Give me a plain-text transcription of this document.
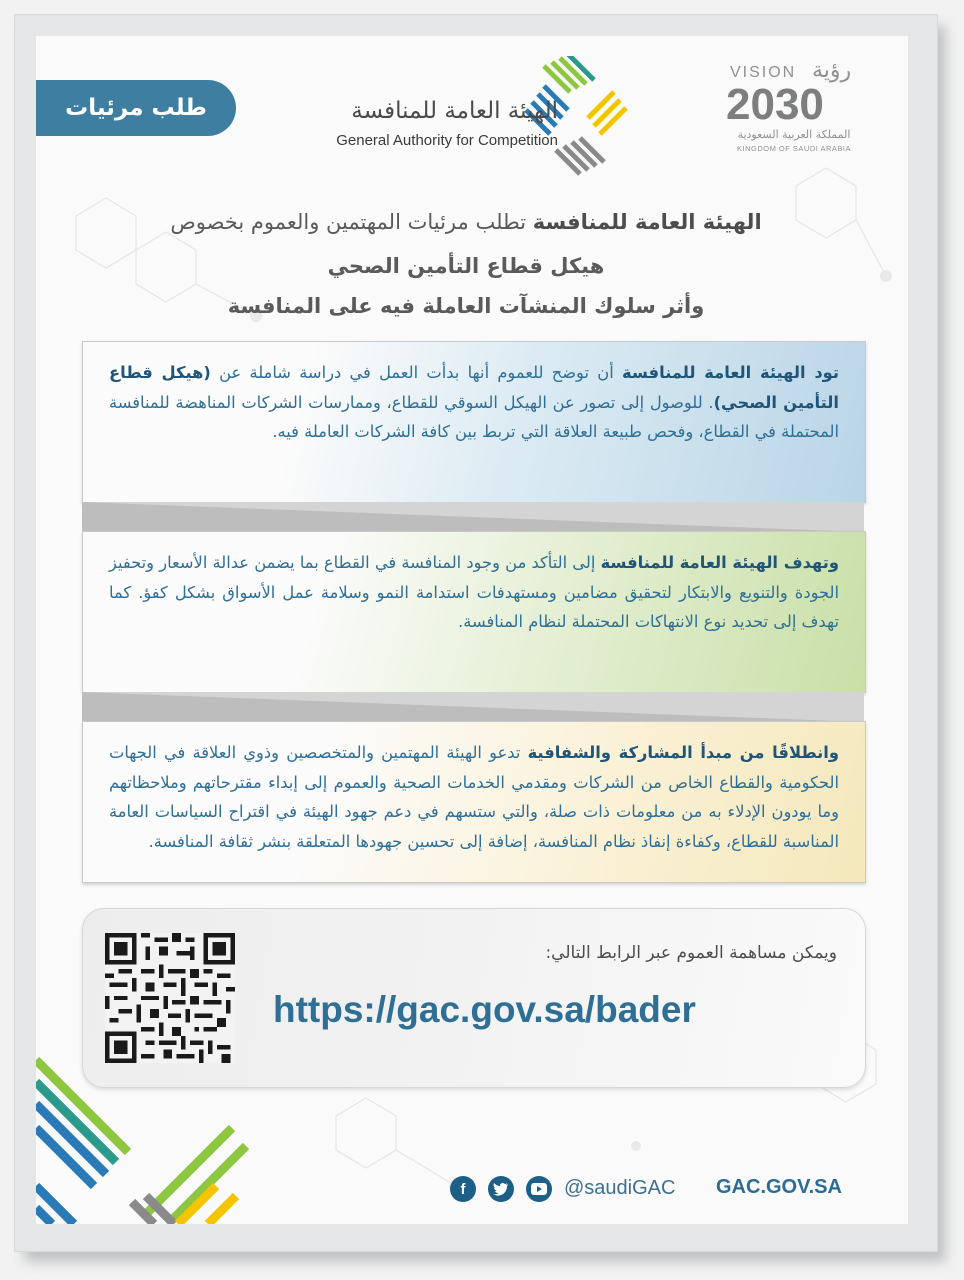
طلب مرئيات	الهيئة العامة للمنافسة
General Authority for Competition
VISION رؤية
2030
المملكة العربية السعودية
KINGDOM OF SAUDI ARABIA
الهيئة العامة للمنافسة تطلب مرئيات المهتمين والعموم بخصوص
هيكل قطاع التأمين الصحي
وأثر سلوك المنشآت العاملة فيه على المنافسة

تود الهيئة العامة للمنافسة أن توضح للعموم أنها بدأت العمل في دراسة شاملة عن (هيكل قطاع التأمين الصحي). للوصول إلى تصور عن الهيكل السوقي للقطاع، وممارسات الشركات المناهضة للمنافسة المحتملة في القطاع، وفحص طبيعة العلاقة التي تربط بين كافة الشركات العاملة فيه.

وتهدف الهيئة العامة للمنافسة إلى التأكد من وجود المنافسة في القطاع بما يضمن عدالة الأسعار وتحفيز الجودة والتنويع والابتكار لتحقيق مضامين ومستهدفات استدامة النمو وسلامة عمل الأسواق بشكل كفؤ. كما تهدف إلى تحديد نوع الانتهاكات المحتملة لنظام المنافسة.

وانطلاقًا من مبدأ المشاركة والشفافية تدعو الهيئة المهتمين والمتخصصين وذوي العلاقة في الجهات الحكومية والقطاع الخاص من الشركات ومقدمي الخدمات الصحية والعموم إلى إبداء مقترحاتهم وملاحظاتهم وما يودون الإدلاء به من معلومات ذات صلة، والتي ستسهم في دعم جهود الهيئة في اقتراح السياسات العامة المناسبة للقطاع، وكفاءة إنفاذ نظام المنافسة، إضافة إلى تحسين جهودها المتعلقة بنشر ثقافة المنافسة.

ويمكن مساهمة العموم عبر الرابط التالي:
https://gac.gov.sa/bader
f	@saudiGAC GAC.GOV.SA
